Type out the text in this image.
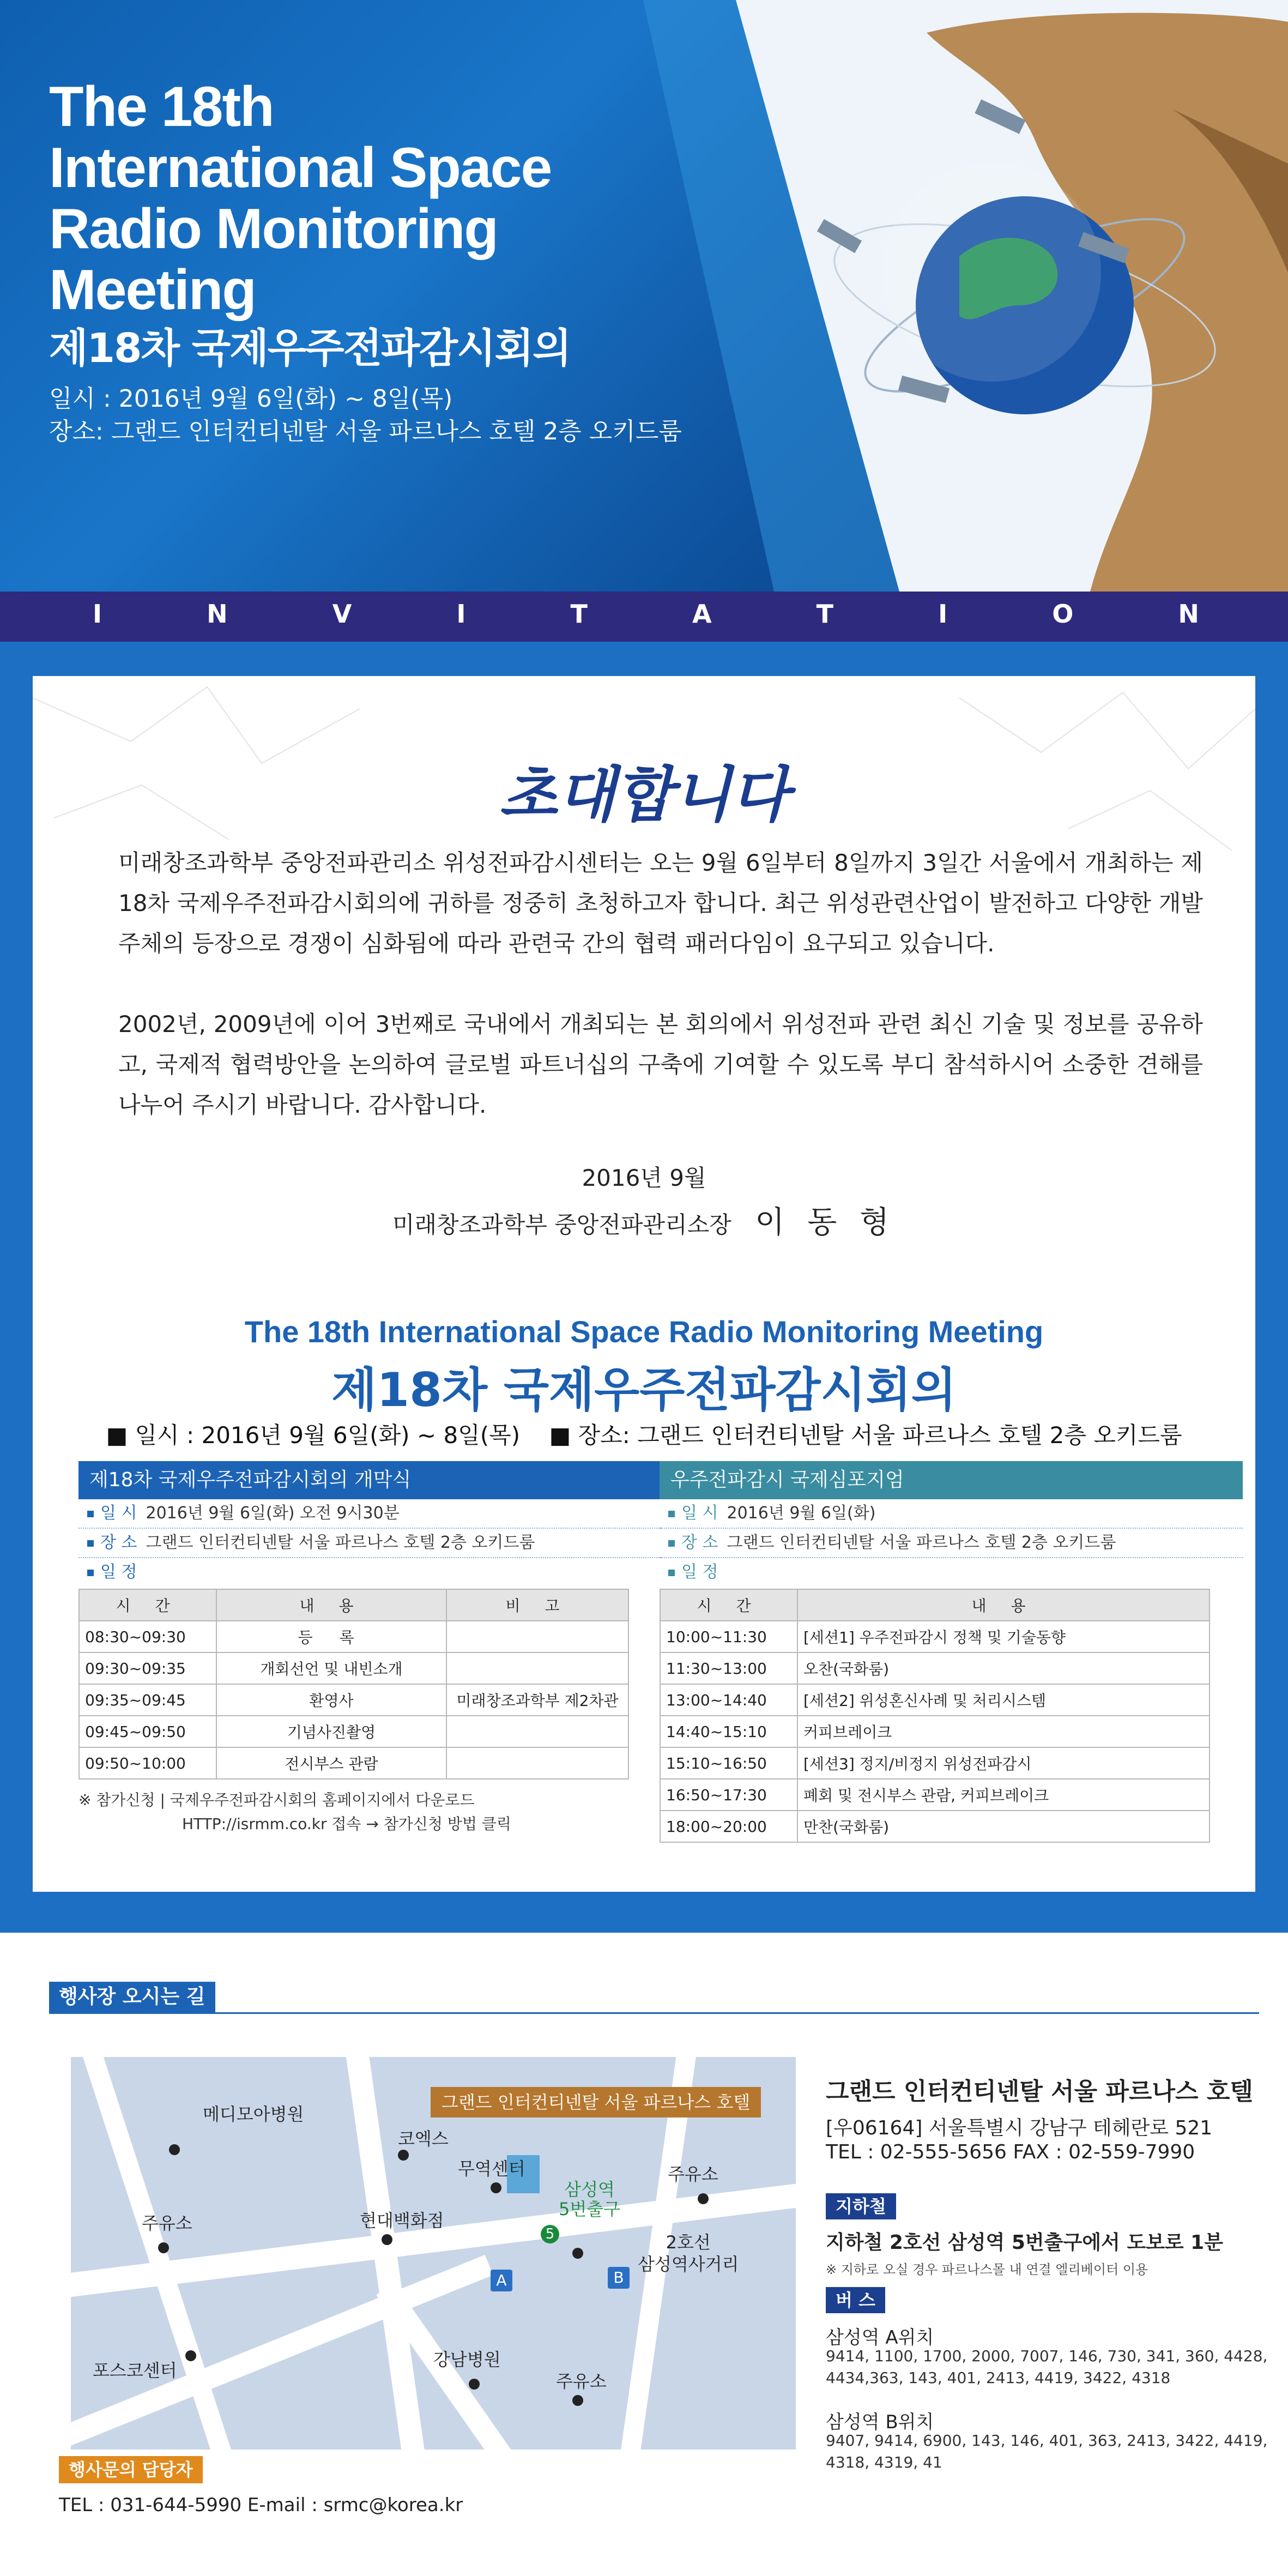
The 18th
International Space
Radio Monitoring
Meeting
제18차 국제우주전파감시회의
일시 : 2016년 9월 6일(화) ~ 8일(목)
장소: 그랜드 인터컨티넨탈 서울 파르나스 호텔 2층 오키드룸
I	N	V	I	T	A	T	I	O	N
초대합니다
미래창조과학부 중앙전파관리소 위성전파감시센터는 오는 9월 6일부터 8일까지 3일간 서울에서 개최하는 제18차 국제우주전파감시회의에 귀하를 정중히 초청하고자 합니다. 최근 위성관련산업이 발전하고 다양한 개발 주체의 등장으로 경쟁이 심화됨에 따라 관련국 간의 협력 패러다임이 요구되고 있습니다.
2002년, 2009년에 이어 3번째로 국내에서 개최되는 본 회의에서 위성전파 관련 최신 기술 및 정보를 공유하고, 국제적 협력방안을 논의하여 글로벌 파트너십의 구축에 기여할 수 있도록 부디 참석하시어 소중한 견해를 나누어 주시기 바랍니다. 감사합니다.
2016년 9월
미래창조과학부 중앙전파관리소장 이 동 형
The 18th International Space Radio Monitoring Meeting
제18차 국제우주전파감시회의
■ 일시 : 2016년 9월 6일(화) ~ 8일(목) ■ 장소: 그랜드 인터컨티넨탈 서울 파르나스 호텔 2층 오키드룸
제18차 국제우주전파감시회의 개막식
일 시 2016년 9월 6일(화) 오전 9시30분
장 소 그랜드 인터컨티넨탈 서울 파르나스 호텔 2층 오키드룸
일 정
시 간	내 용	비 고
08:30~09:30	등 록	
09:30~09:35	개회선언 및 내빈소개	
09:35~09:45	환영사	미래창조과학부 제2차관
09:45~09:50	기념사진촬영	
09:50~10:00	전시부스 관람	
※ 참가신청 | 국제우주전파감시회의 홈페이지에서 다운로드
HTTP://isrmm.co.kr 접속 → 참가신청 방법 클릭
우주전파감시 국제심포지엄
일 시 2016년 9월 6일(화)
장 소 그랜드 인터컨티넨탈 서울 파르나스 호텔 2층 오키드룸
일 정
시 간	내 용
10:00~11:30	[세션1] 우주전파감시 정책 및 기술동향
11:30~13:00	오찬(국화룸)
13:00~14:40	[세션2] 위성혼신사례 및 처리시스템
14:40~15:10	커피브레이크
15:10~16:50	[세션3] 정지/비정지 위성전파감시
16:50~17:30	폐회 및 전시부스 관람, 커피브레이크
18:00~20:00	만찬(국화룸)
행사장 오시는 길
그랜드 인터컨티넨탈 서울 파르나스 호텔
메디모아병원
코엑스
무역센터
주유소
주유소
현대백화점
포스코센터
강남병원
주유소
삼성역
5번출구
5	2호선
삼성역사거리
A	B
그랜드 인터컨티넨탈 서울 파르나스 호텔
[우06164] 서울특별시 강남구 테헤란로 521
TEL : 02-555-5656 FAX : 02-559-7990
지하철
지하철 2호선 삼성역 5번출구에서 도보로 1분
※ 지하로 오실 경우 파르나스몰 내 연결 엘리베이터 이용
버 스
삼성역 A위치
9414, 1100, 1700, 2000, 7007, 146, 730, 341, 360, 4428,
4434,363, 143, 401, 2413, 4419, 3422, 4318
삼성역 B위치
9407, 9414, 6900, 143, 146, 401, 363, 2413, 3422, 4419,
4318, 4319, 41
행사문의 담당자
TEL : 031-644-5990 E-mail : srmc@korea.kr
